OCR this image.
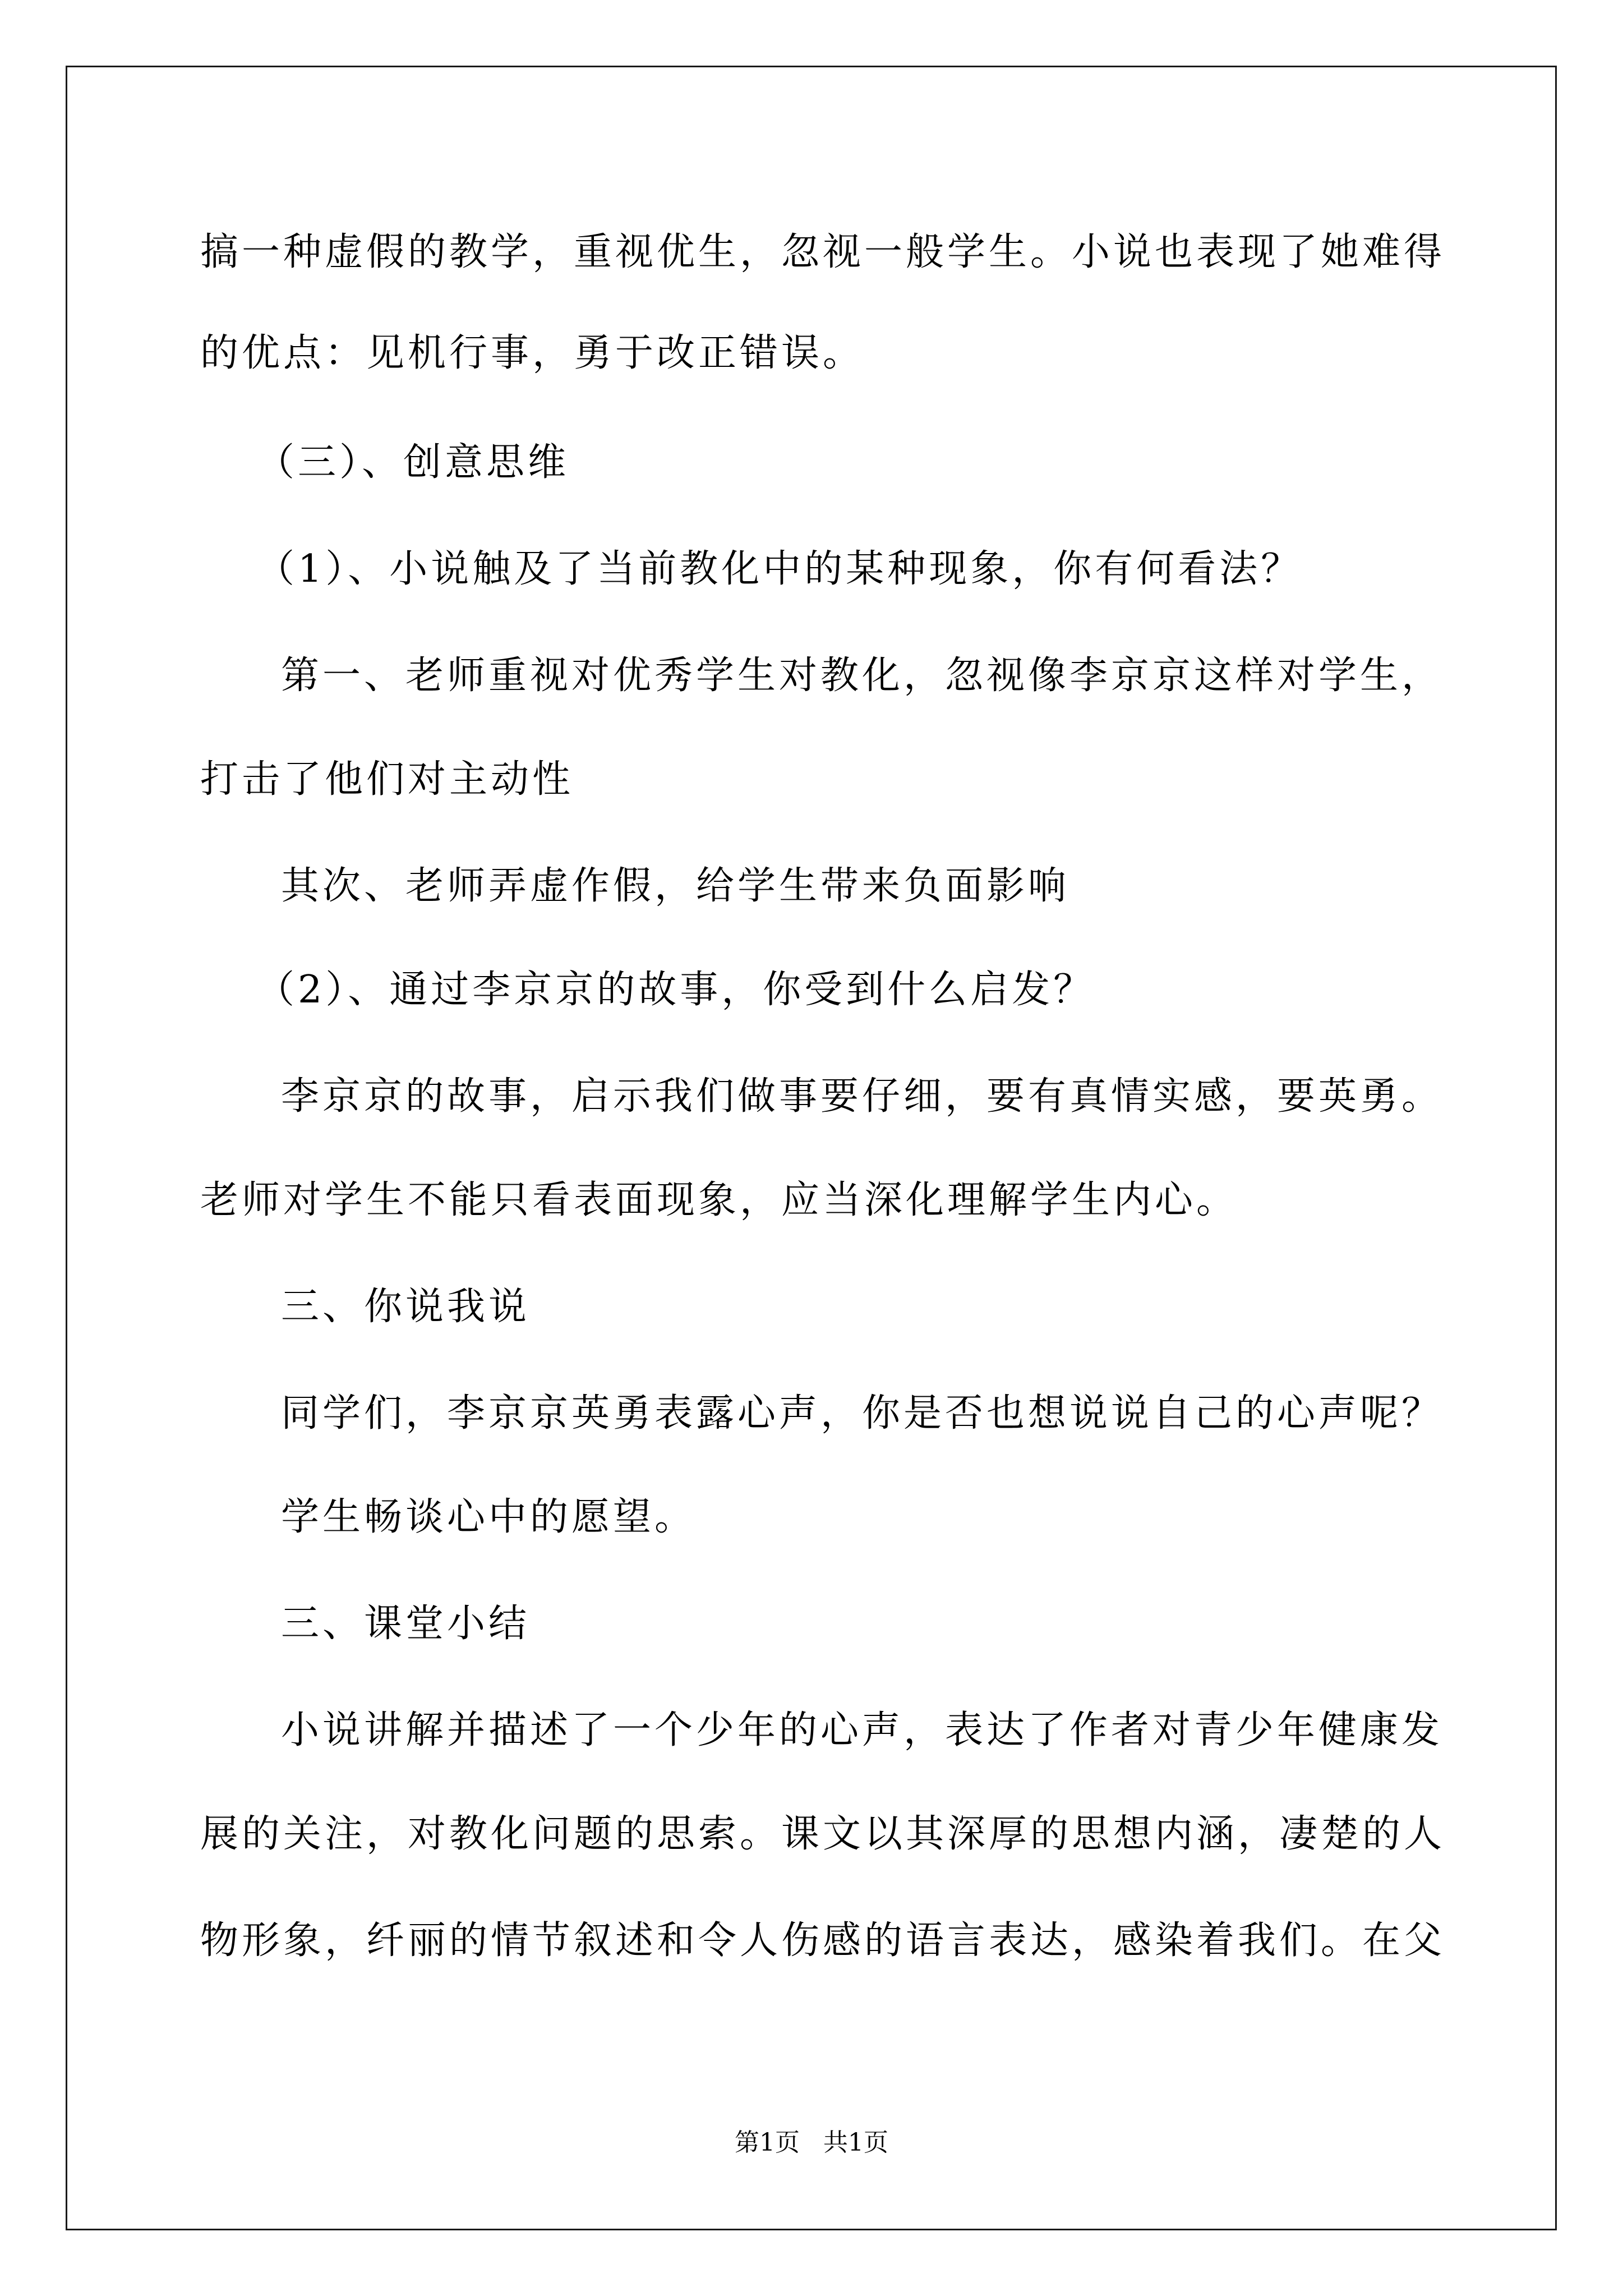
搞一种虚假的教学，重视优生，忽视一般学生。小说也表现了她难得
的优点：见机行事，勇于改正错误。
（三）、创意思维
（1）、小说触及了当前教化中的某种现象，你有何看法？
第一、老师重视对优秀学生对教化，忽视像李京京这样对学生，
打击了他们对主动性
其次、老师弄虚作假，给学生带来负面影响
（2）、通过李京京的故事，你受到什么启发？
李京京的故事，启示我们做事要仔细，要有真情实感，要英勇。
老师对学生不能只看表面现象，应当深化理解学生内心。
三、你说我说
同学们，李京京英勇表露心声，你是否也想说说自己的心声呢？
学生畅谈心中的愿望。
三、课堂小结
小说讲解并描述了一个少年的心声，表达了作者对青少年健康发
展的关注，对教化问题的思索。课文以其深厚的思想内涵，凄楚的人
物形象，纤丽的情节叙述和令人伤感的语言表达，感染着我们。在父
第1页   共1页
